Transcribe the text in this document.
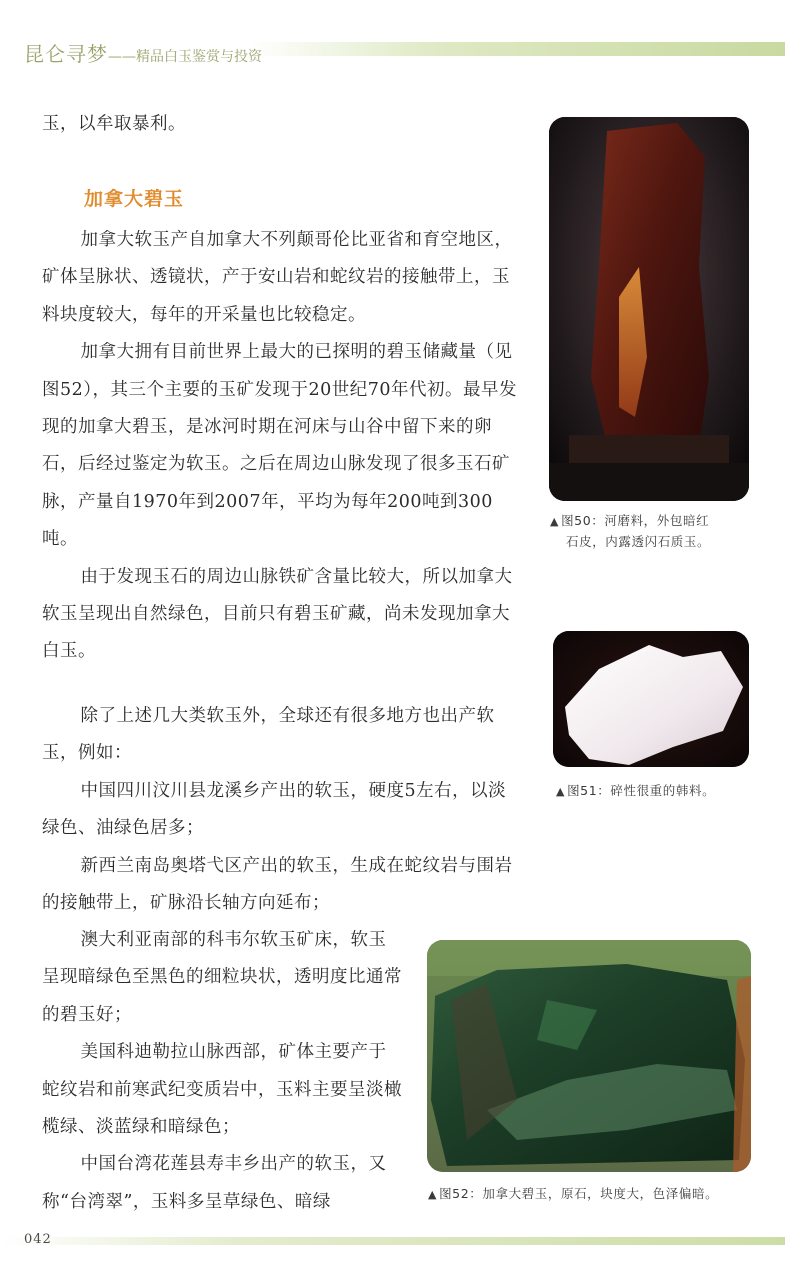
昆仑寻梦——精品白玉鉴赏与投资

玉，以牟取暴利。

加拿大碧玉

加拿大软玉产自加拿大不列颠哥伦比亚省和育空地区，矿体呈脉状、透镜状，产于安山岩和蛇纹岩的接触带上，玉料块度较大，每年的开采量也比较稳定。

加拿大拥有目前世界上最大的已探明的碧玉储藏量（见图52），其三个主要的玉矿发现于20世纪70年代初。最早发现的加拿大碧玉，是冰河时期在河床与山谷中留下来的卵石，后经过鉴定为软玉。之后在周边山脉发现了很多玉石矿脉，产量自1970年到2007年，平均为每年200吨到300吨。

由于发现玉石的周边山脉铁矿含量比较大，所以加拿大软玉呈现出自然绿色，目前只有碧玉矿藏，尚未发现加拿大白玉。

除了上述几大类软玉外，全球还有很多地方也出产软玉，例如：

中国四川汶川县龙溪乡产出的软玉，硬度5左右，以淡绿色、油绿色居多；

新西兰南岛奥塔弋区产出的软玉，生成在蛇纹岩与围岩的接触带上，矿脉沿长轴方向延布；

澳大利亚南部的科韦尔软玉矿床，软玉呈现暗绿色至黑色的细粒块状，透明度比通常的碧玉好；

美国科迪勒拉山脉西部，矿体主要产于蛇纹岩和前寒武纪变质岩中，玉料主要呈淡橄榄绿、淡蓝绿和暗绿色；

中国台湾花莲县寿丰乡出产的软玉，又称“台湾翠”，玉料多呈草绿色、暗绿

▲ 图50：河磨料，外包暗红
石皮，内露透闪石质玉。
▲ 图51：碎性很重的韩料。
▲ 图52：加拿大碧玉，原石，块度大，色泽偏暗。
042
